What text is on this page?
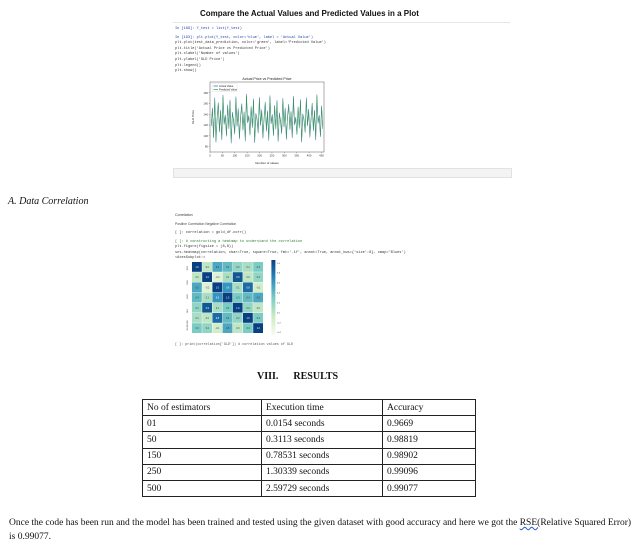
Compare the Actual Values and Predicted Values in a Plot
In [189]: Y_test = list(Y_test)
In [193]: plt.plot(Y_test, color='blue', label = 'Actual Value')
plt.plot(test_data_prediction, color='green', label='Predicted Value')
plt.title('Actual Price vs Predicted Price')
plt.xlabel('Number of values')
plt.ylabel('GLD Price')
plt.legend()
plt.show()
Actual Price vs Predicted Price
0	50	100	150	200	250	300	350	400	450
80
100
120
140
160
180
Number of values
GLD Price
Actual Value
Predicted Value
A. Data Correlation
Correlation
Positive Correlation Negative Correlation
[ ]: correlation = gold_df.corr()
[ ]: # constructing a heatmap to understand the correlation
plt.figure(figsize = (8,8))
sns.heatmap(correlation, cbar=True, square=True, fmt='.1f', annot=True, annot_kws={'size':8}, cmap='Blues')
<AxesSubplot:>
1.0	0.0	0.5	0.4	0.2	0.1	0.3
0.0	1.0	-0.2	0.1	0.9	0.0	0.2
0.5	-0.2	1.0	0.6	0.1	0.8	-0.1
0.4	0.1	0.6	1.0	0.3	0.4	0.5
0.2	0.9	0.1	0.3	1.0	0.2	0.0
0.1	0.0	0.8	0.4	0.2	1.0	0.3
0.3	0.2	-0.1	0.5	0.0	0.3	1.0
SPX
GLD
USO
SLV
EUR/USD
1.0
0.8
0.6
0.4
0.2
0.0
-0.2
-0.4
[ ]: print(correlation['GLD']) # correlation values of GLD
VIII.      RESULTS
No of estimators	Execution time	Accuracy
01	0.0154 seconds	0.9669
50	0.3113 seconds	0.98819
150	0.78531 seconds	0.98902
250	1.30339 seconds	0.99096
500	2.59729 seconds	0.99077
Once the code has been run and the model has been trained and tested using the given dataset with good accuracy and here we got the RSE(Relative Squared Error) is 0.99077.
